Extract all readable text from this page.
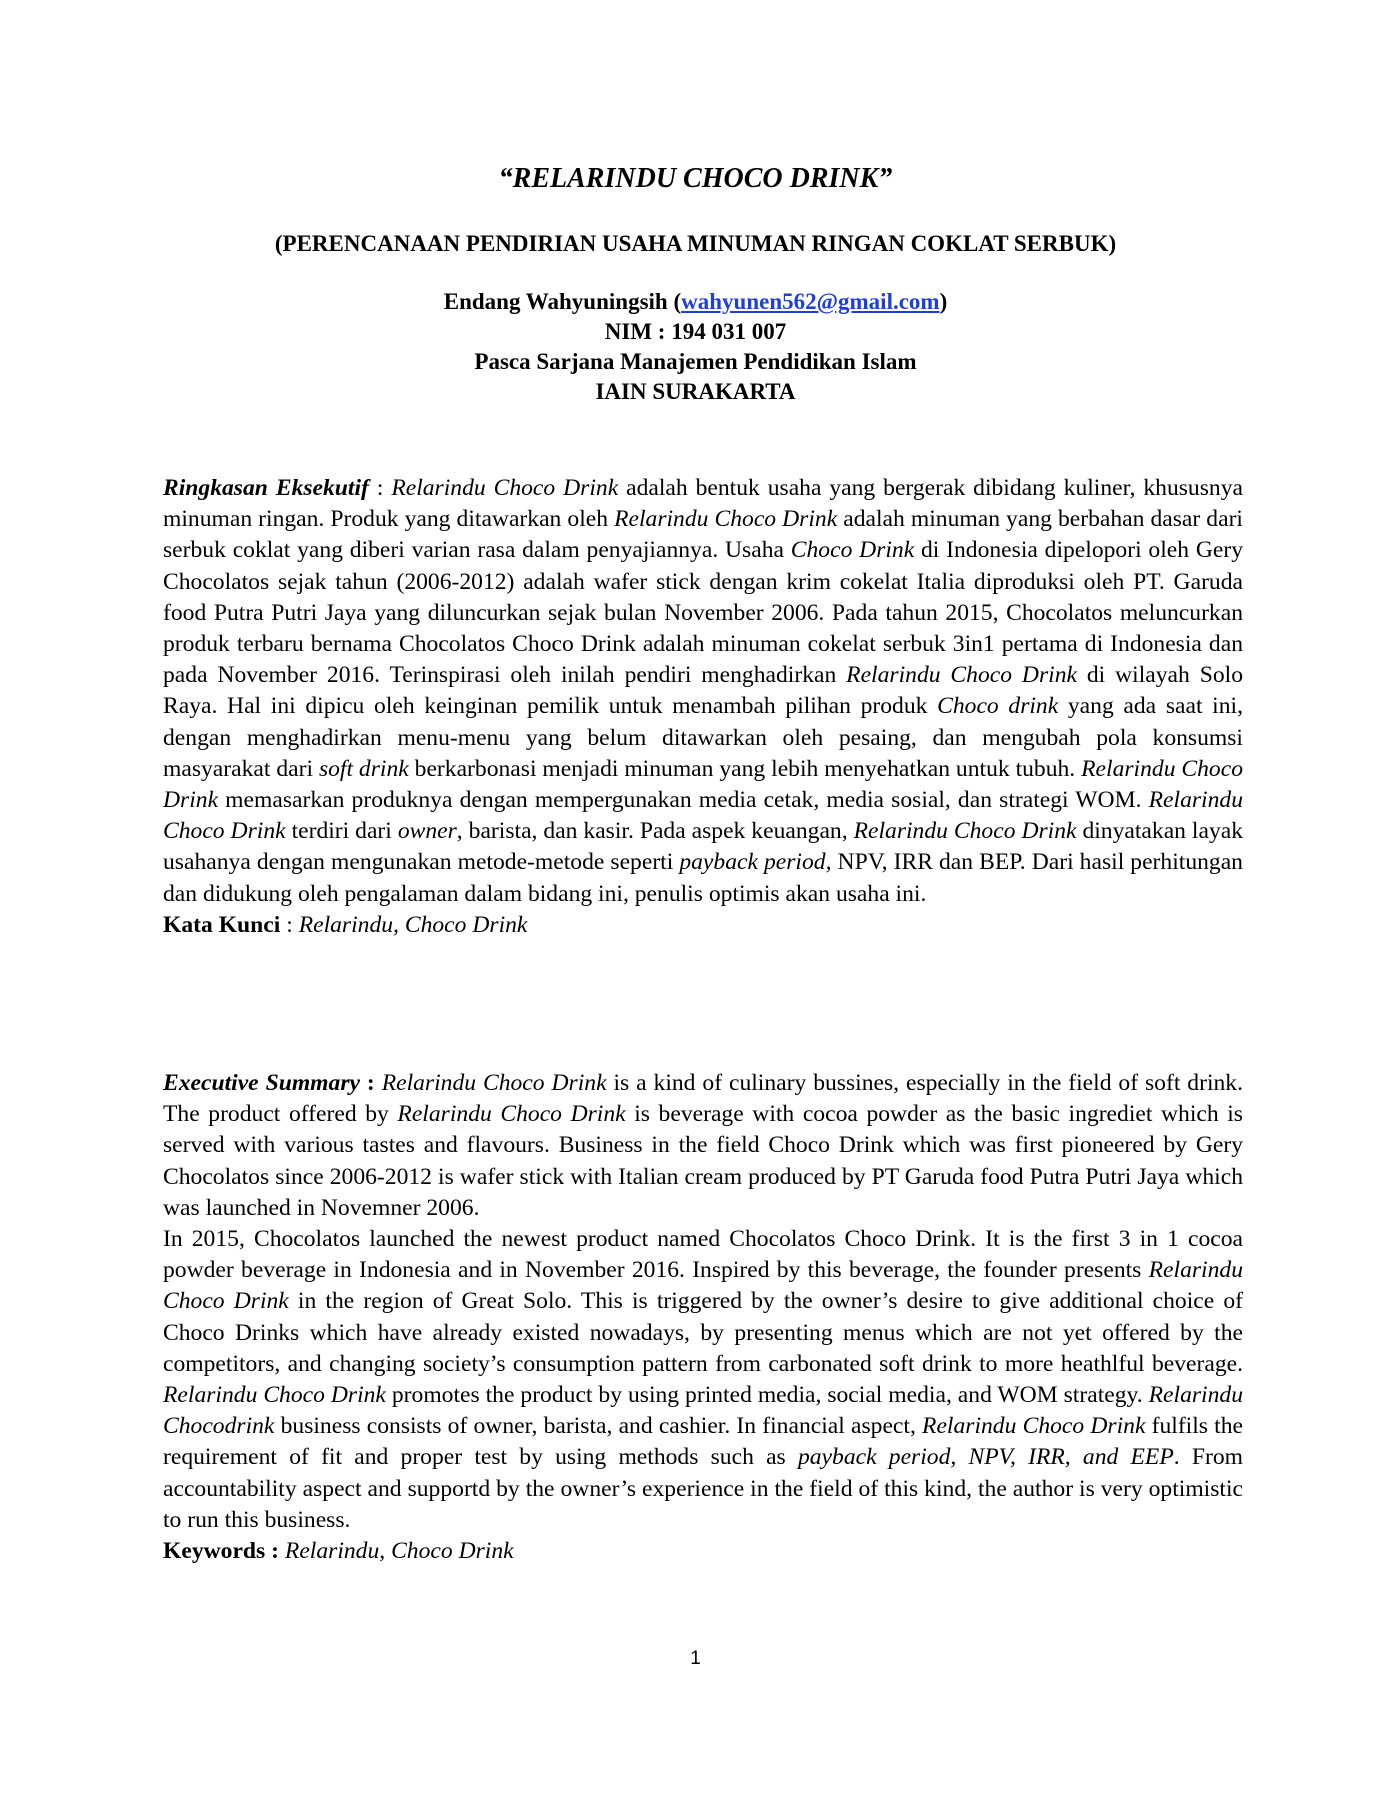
“RELARINDU CHOCO DRINK”
(PERENCANAAN PENDIRIAN USAHA MINUMAN RINGAN COKLAT SERBUK)
Endang Wahyuningsih (wahyunen562@gmail.com)
NIM : 194 031 007
Pasca Sarjana Manajemen Pendidikan Islam
IAIN SURAKARTA

Ringkasan Eksekutif : Relarindu Choco Drink adalah bentuk usaha yang bergerak dibidang kuliner, khususnya minuman ringan. Produk yang ditawarkan oleh Relarindu Choco Drink adalah minuman yang berbahan dasar dari serbuk coklat yang diberi varian rasa dalam penyajiannya. Usaha Choco Drink di Indonesia dipelopori oleh Gery Chocolatos sejak tahun (2006-2012) adalah wafer stick dengan krim cokelat Italia diproduksi oleh PT. Garuda food Putra Putri Jaya yang diluncurkan sejak bulan November 2006. Pada tahun 2015, Chocolatos meluncurkan produk terbaru bernama Chocolatos Choco Drink adalah minuman cokelat serbuk 3in1 pertama di Indonesia dan pada November 2016. Terinspirasi oleh inilah pendiri menghadirkan Relarindu Choco Drink di wilayah Solo Raya. Hal ini dipicu oleh keinginan pemilik untuk menambah pilihan produk Choco drink yang ada saat ini, dengan menghadirkan menu-menu yang belum ditawarkan oleh pesaing, dan mengubah pola konsumsi masyarakat dari soft drink berkarbonasi menjadi minuman yang lebih menyehatkan untuk tubuh. Relarindu Choco Drink memasarkan produknya dengan mempergunakan media cetak, media sosial, dan strategi WOM. Relarindu Choco Drink terdiri dari owner, barista, dan kasir. Pada aspek keuangan, Relarindu Choco Drink dinyatakan layak usahanya dengan mengunakan metode-metode seperti payback period, NPV, IRR dan BEP. Dari hasil perhitungan dan didukung oleh pengalaman dalam bidang ini, penulis optimis akan usaha ini.

Kata Kunci : Relarindu, Choco Drink

Executive Summary : Relarindu Choco Drink is a kind of culinary bussines, especially in the field of soft drink. The product offered by Relarindu Choco Drink is beverage with cocoa powder as the basic ingrediet which is served with various tastes and flavours. Business in the field Choco Drink which was first pioneered by Gery Chocolatos since 2006-2012 is wafer stick with Italian cream produced by PT Garuda food Putra Putri Jaya which was launched in Novemner 2006.

In 2015, Chocolatos launched the newest product named Chocolatos Choco Drink. It is the first 3 in 1 cocoa powder beverage in Indonesia and in November 2016. Inspired by this beverage, the founder presents Relarindu Choco Drink in the region of Great Solo. This is triggered by the owner’s desire to give additional choice of Choco Drinks which have already existed nowadays, by presenting menus which are not yet offered by the competitors, and changing society’s consumption pattern from carbonated soft drink to more heathlful beverage. Relarindu Choco Drink promotes the product by using printed media, social media, and WOM strategy. Relarindu Chocodrink business consists of owner, barista, and cashier. In financial aspect, Relarindu Choco Drink fulfils the requirement of fit and proper test by using methods such as payback period, NPV, IRR, and EEP. From accountability aspect and supportd by the owner’s experience in the field of this kind, the author is very optimistic to run this business.

Keywords : Relarindu, Choco Drink

1
